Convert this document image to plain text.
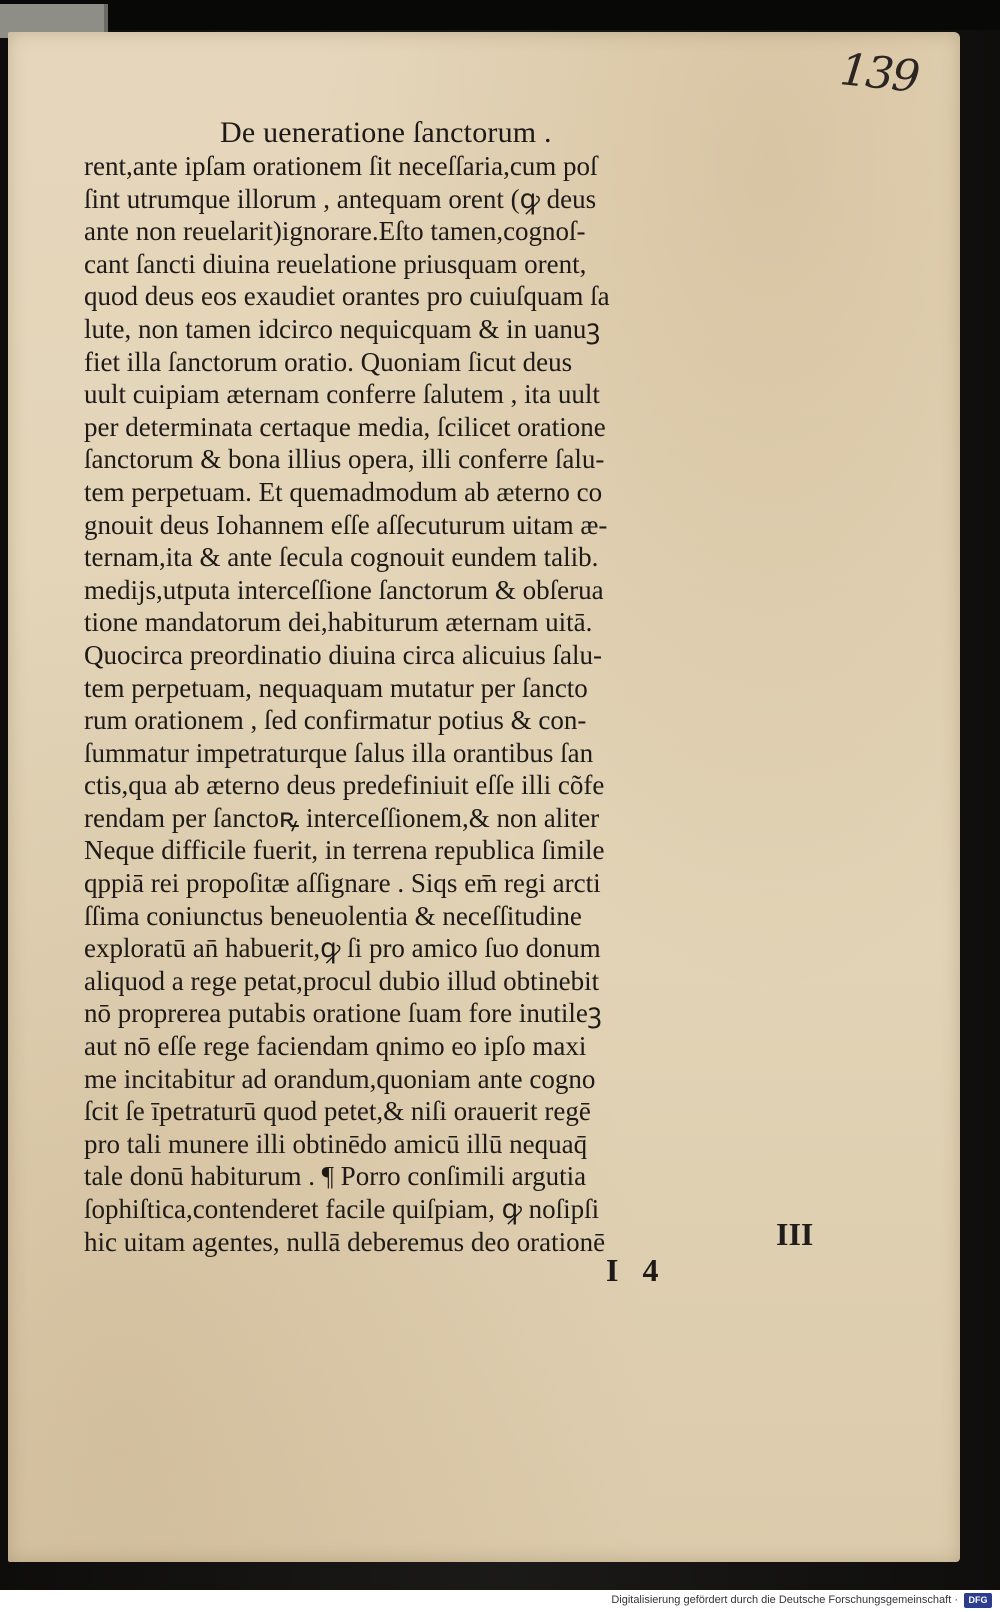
139
De ueneratione ſanctorum .
rent,ante ipſam orationem ſit neceſſaria,cum poſ
ſint utrumque illorum , antequam orent (ꝙ deus
ante non reuelarit)ignorare.Eſto tamen,cognoſ-
cant ſancti diuina reuelatione priusquam orent,
quod deus eos exaudiet orantes pro cuiuſquam ſa
lute, non tamen idcirco nequicquam & in uanuꝫ
fiet illa ſanctorum oratio. Quoniam ſicut deus
uult cuipiam æternam conferre ſalutem , ita uult
per determinata certaque media, ſcilicet oratione
ſanctorum & bona illius opera, illi conferre ſalu-
tem perpetuam. Et quemadmodum ab æterno co
gnouit deus Iohannem eſſe aſſecuturum uitam æ-
ternam,ita & ante ſecula cognouit eundem talib.
medijs,utputa interceſſione ſanctorum & obſerua
tione mandatorum dei,habiturum æternam uitā.
Quocirca preordinatio diuina circa alicuius ſalu-
tem perpetuam, nequaquam mutatur per ſancto
rum orationem , ſed confirmatur potius & con-
ſummatur impetraturque ſalus illa orantibus ſan
ctis,qua ab æterno deus predefiniuit eſſe illi cõfe
rendam per ſanctoꝶ interceſſionem,& non aliter
Neque difficile fuerit, in terrena republica ſimile
qppiā rei propoſitæ aſſignare . Siqs em̄ regi arcti
ſſima coniunctus beneuolentia & neceſſitudine
exploratū an̄ habuerit,ꝙ ſi pro amico ſuo donum
aliquod a rege petat,procul dubio illud obtinebit
nō proprerea putabis oratione ſuam fore inutileꝫ
aut nō eſſe rege faciendam qnimo eo ipſo maxi
me incitabitur ad orandum,quoniam ante cogno
ſcit ſe īpetraturū quod petet,& niſi orauerit regē
pro tali munere illi obtinēdo amicū illū nequaq̄
tale donū habiturum . ¶ Porro conſimili argutia
ſophiſtica,contenderet facile quiſpiam, ꝙ noſipſi
hic uitam agentes, nullā deberemus deo orationē	III
I 4
Digitalisierung gefördert durch die Deutsche Forschungsgemeinschaft ·	DFG
